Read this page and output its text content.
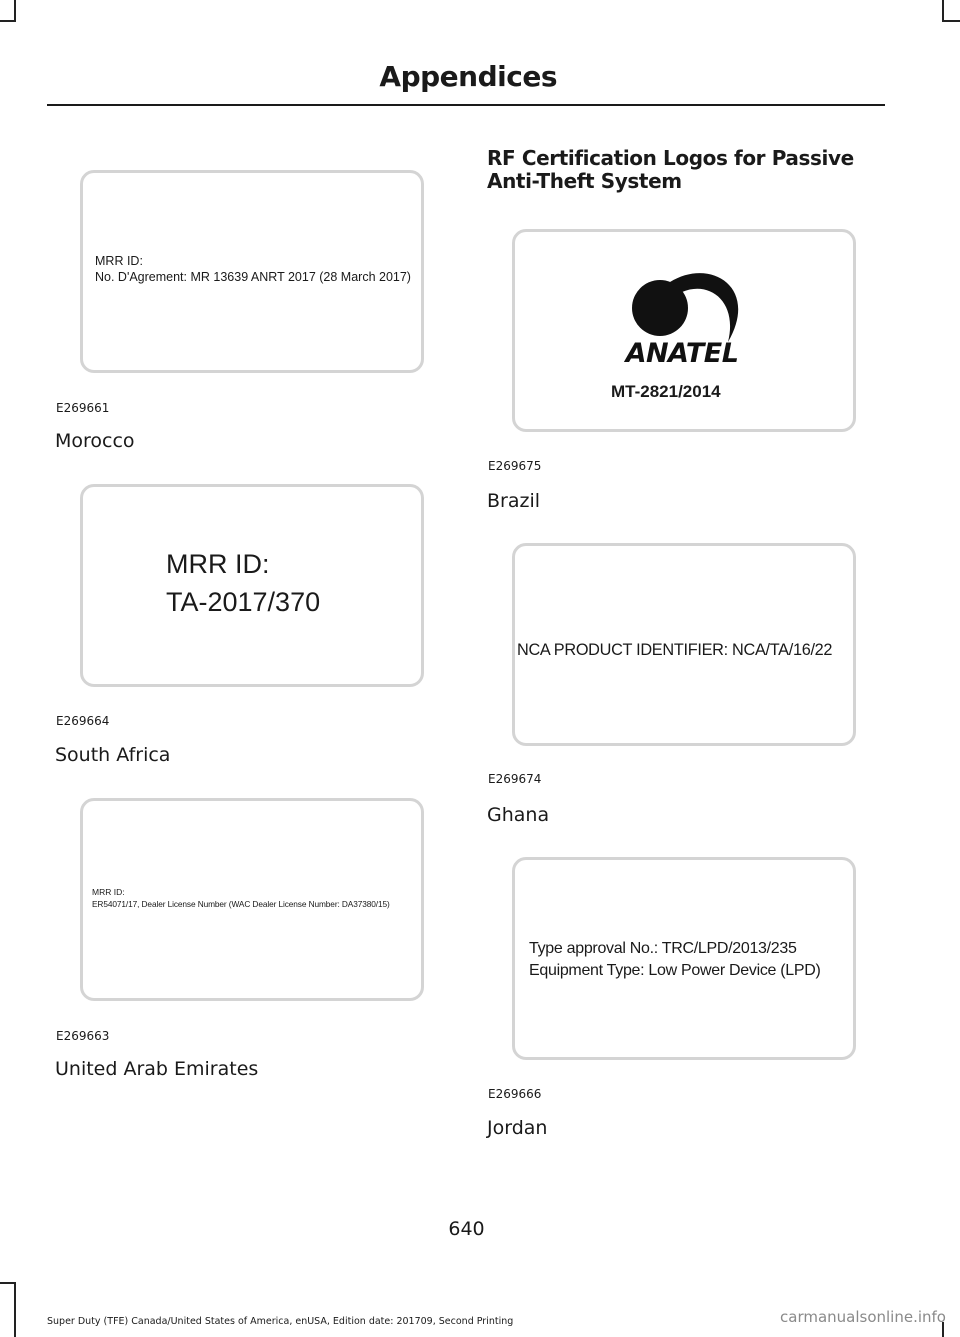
Appendices
MRR ID:
No. D'Agrement: MR 13639 ANRT 2017 (28 March 2017)
E269661
Morocco
MRR ID:
TA-2017/370
E269664
South Africa
MRR ID:
ER54071/17, Dealer License Number (WAC Dealer License Number: DA37380/15)
E269663
United Arab Emirates
RF Certification Logos for Passive Anti-Theft System
ANATEL
MT-2821/2014
E269675
Brazil
NCA PRODUCT IDENTIFIER: NCA/TA/16/22
E269674
Ghana
Type approval No.: TRC/LPD/2013/235
Equipment Type: Low Power Device (LPD)
E269666
Jordan
640
Super Duty (TFE) Canada/United States of America, enUSA, Edition date: 201709, Second Printing	carmanualsonline.info
